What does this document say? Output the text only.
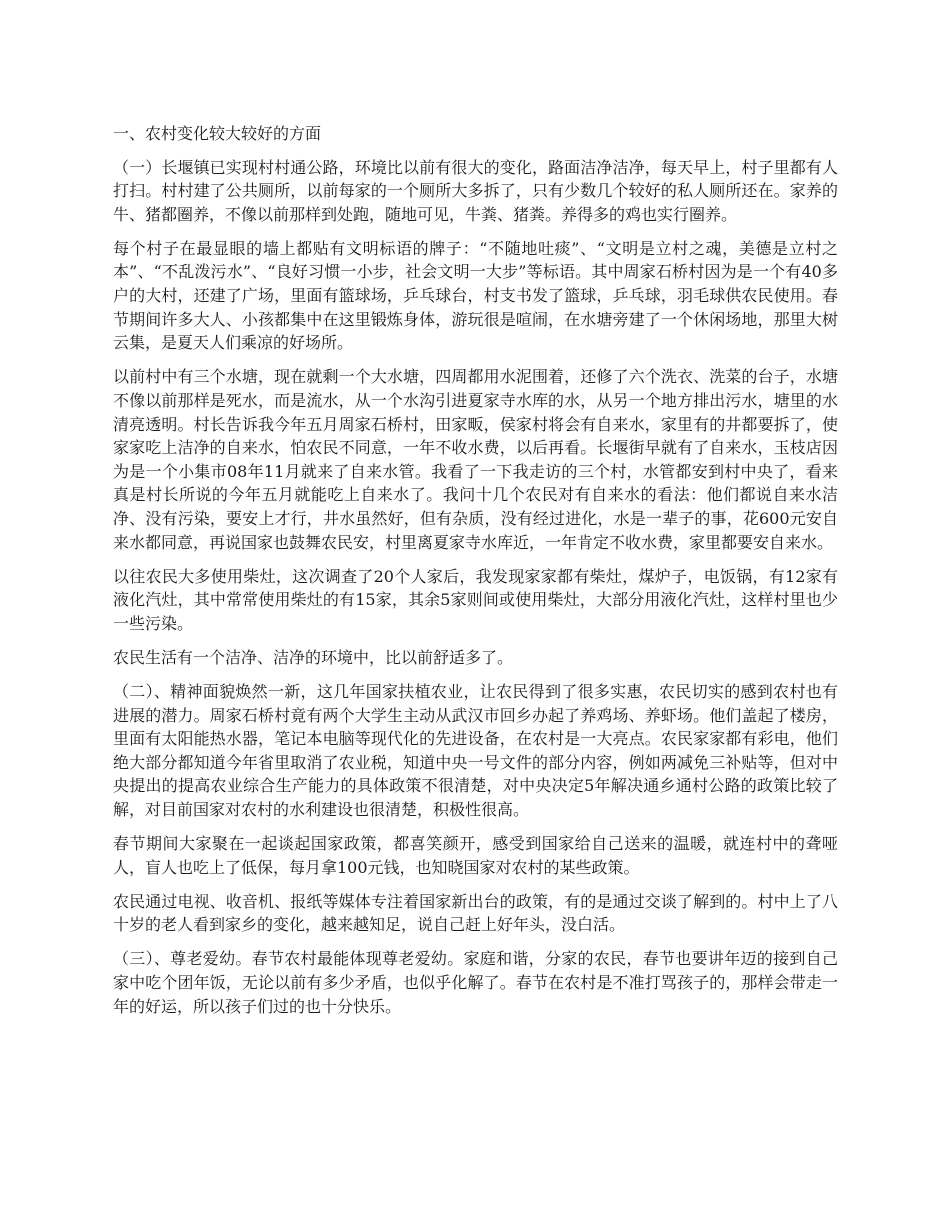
一、农村变化较大较好的方面

（一）长堰镇已实现村村通公路，环境比以前有很大的变化，路面洁净洁净，每天早上，村子里都有人打扫。村村建了公共厕所，以前每家的一个厕所大多拆了，只有少数几个较好的私人厕所还在。家养的牛、猪都圈养，不像以前那样到处跑，随地可见，牛粪、猪粪。养得多的鸡也实行圈养。

每个村子在最显眼的墙上都贴有文明标语的牌子：“不随地吐痰”、“文明是立村之魂，美德是立村之本”、“不乱泼污水”、“良好习惯一小步，社会文明一大步”等标语。其中周家石桥村因为是一个有40多户的大村，还建了广场，里面有篮球场，乒乓球台，村支书发了篮球，乒乓球，羽毛球供农民使用。春节期间许多大人、小孩都集中在这里锻炼身体，游玩很是喧闹，在水塘旁建了一个休闲场地，那里大树云集，是夏天人们乘凉的好场所。

以前村中有三个水塘，现在就剩一个大水塘，四周都用水泥围着，还修了六个洗衣、洗菜的台子，水塘不像以前那样是死水，而是流水，从一个水沟引进夏家寺水库的水，从另一个地方排出污水，塘里的水清亮透明。村长告诉我今年五月周家石桥村，田家畈，侯家村将会有自来水，家里有的井都要拆了，使家家吃上洁净的自来水，怕农民不同意，一年不收水费，以后再看。长堰街早就有了自来水，玉枝店因为是一个小集市08年11月就来了自来水管。我看了一下我走访的三个村，水管都安到村中央了，看来真是村长所说的今年五月就能吃上自来水了。我问十几个农民对有自来水的看法：他们都说自来水洁净、没有污染，要安上才行，井水虽然好，但有杂质，没有经过进化，水是一辈子的事，花600元安自来水都同意，再说国家也鼓舞农民安，村里离夏家寺水库近，一年肯定不收水费，家里都要安自来水。

以往农民大多使用柴灶，这次调查了20个人家后，我发现家家都有柴灶，煤炉子，电饭锅，有12家有液化汽灶，其中常常使用柴灶的有15家，其余5家则间或使用柴灶，大部分用液化汽灶，这样村里也少一些污染。

农民生活有一个洁净、洁净的环境中，比以前舒适多了。

（二）、精神面貌焕然一新，这几年国家扶植农业，让农民得到了很多实惠，农民切实的感到农村也有进展的潜力。周家石桥村竟有两个大学生主动从武汉市回乡办起了养鸡场、养虾场。他们盖起了楼房，里面有太阳能热水器，笔记本电脑等现代化的先进设备，在农村是一大亮点。农民家家都有彩电，他们绝大部分都知道今年省里取消了农业税，知道中央一号文件的部分内容，例如两减免三补贴等，但对中央提出的提高农业综合生产能力的具体政策不很清楚，对中央决定5年解决通乡通村公路的政策比较了解，对目前国家对农村的水利建设也很清楚，积极性很高。

春节期间大家聚在一起谈起国家政策，都喜笑颜开，感受到国家给自己送来的温暖，就连村中的聋哑人，盲人也吃上了低保，每月拿100元钱，也知晓国家对农村的某些政策。

农民通过电视、收音机、报纸等媒体专注着国家新出台的政策，有的是通过交谈了解到的。村中上了八十岁的老人看到家乡的变化，越来越知足，说自己赶上好年头，没白活。

（三）、尊老爱幼。春节农村最能体现尊老爱幼。家庭和谐，分家的农民，春节也要讲年迈的接到自己家中吃个团年饭，无论以前有多少矛盾，也似乎化解了。春节在农村是不准打骂孩子的，那样会带走一年的好运，所以孩子们过的也十分快乐。
